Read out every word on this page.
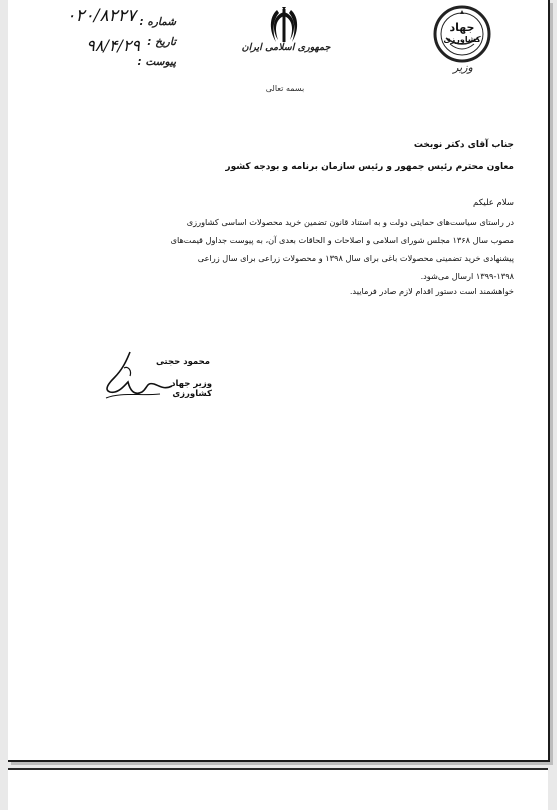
جهاد
کشاورزی
وزیر
جمهوری اسلامی ایران
بسمه تعالی
شماره :
تاریخ :
پیوست :
۰۲۰/۸۲۲۷
۹۸/۴/۲۹
جناب آقای دکتر نوبخت
معاون محترم رئیس جمهور و رئیس سازمان برنامه و بودجه کشور
سلام علیکم
در راستای سیاست‌های حمایتی دولت و به استناد قانون تضمین خرید محصولات اساسی کشاورزی
مصوب سال ۱۳۶۸ مجلس شورای اسلامی و اصلاحات و الحاقات بعدی آن، به پیوست جداول قیمت‌های
پیشنهادی خرید تضمینی محصولات باغی برای سال ۱۳۹۸ و محصولات زراعی برای سال زراعی
۱۳۹۹-۱۳۹۸ ارسال می‌شود.
خواهشمند است دستور اقدام لازم صادر فرمایید.
محمود حجتی
وزیر جهاد کشاورزی
